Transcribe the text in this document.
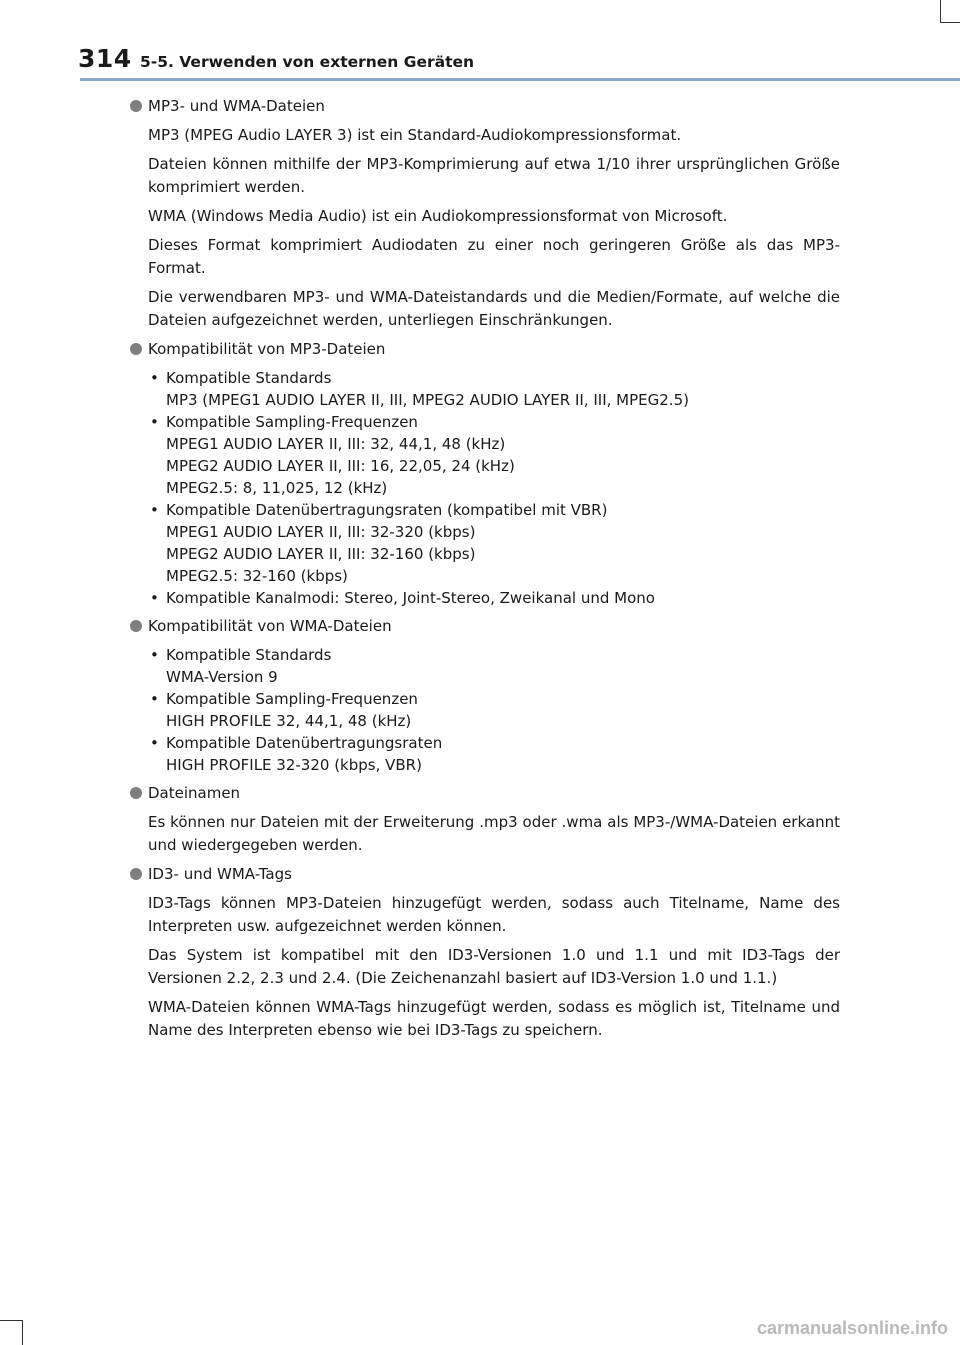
314 5-5. Verwenden von externen Geräten
MP3- und WMA-Dateien

MP3 (MPEG Audio LAYER 3) ist ein Standard-Audiokompressionsformat.

Dateien können mithilfe der MP3-Komprimierung auf etwa 1/10 ihrer ursprünglichen Größe komprimiert werden.

WMA (Windows Media Audio) ist ein Audiokompressionsformat von Microsoft.

Dieses Format komprimiert Audiodaten zu einer noch geringeren Größe als das MP3-Format.

Die verwendbaren MP3- und WMA-Dateistandards und die Medien/Formate, auf welche die Dateien aufgezeichnet werden, unterliegen Einschränkungen.

Kompatibilität von MP3-Dateien
• Kompatible Standards
MP3 (MPEG1 AUDIO LAYER II, III, MPEG2 AUDIO LAYER II, III, MPEG2.5)
• Kompatible Sampling-Frequenzen
MPEG1 AUDIO LAYER II, III: 32, 44,1, 48 (kHz)
MPEG2 AUDIO LAYER II, III: 16, 22,05, 24 (kHz)
MPEG2.5: 8, 11,025, 12 (kHz)
• Kompatible Datenübertragungsraten (kompatibel mit VBR)
MPEG1 AUDIO LAYER II, III: 32-320 (kbps)
MPEG2 AUDIO LAYER II, III: 32-160 (kbps)
MPEG2.5: 32-160 (kbps)
• Kompatible Kanalmodi: Stereo, Joint-Stereo, Zweikanal und Mono
Kompatibilität von WMA-Dateien
• Kompatible Standards
WMA-Version 9
• Kompatible Sampling-Frequenzen
HIGH PROFILE 32, 44,1, 48 (kHz)
• Kompatible Datenübertragungsraten
HIGH PROFILE 32-320 (kbps, VBR)
Dateinamen

Es können nur Dateien mit der Erweiterung .mp3 oder .wma als MP3-/WMA-Dateien erkannt und wiedergegeben werden.

ID3- und WMA-Tags

ID3-Tags können MP3-Dateien hinzugefügt werden, sodass auch Titelname, Name des Interpreten usw. aufgezeichnet werden können.

Das System ist kompatibel mit den ID3-Versionen 1.0 und 1.1 und mit ID3-Tags der Versionen 2.2, 2.3 und 2.4. (Die Zeichenanzahl basiert auf ID3-Version 1.0 und 1.1.)

WMA-Dateien können WMA-Tags hinzugefügt werden, sodass es möglich ist, Titelname und Name des Interpreten ebenso wie bei ID3-Tags zu speichern.

carmanualsonline.info
